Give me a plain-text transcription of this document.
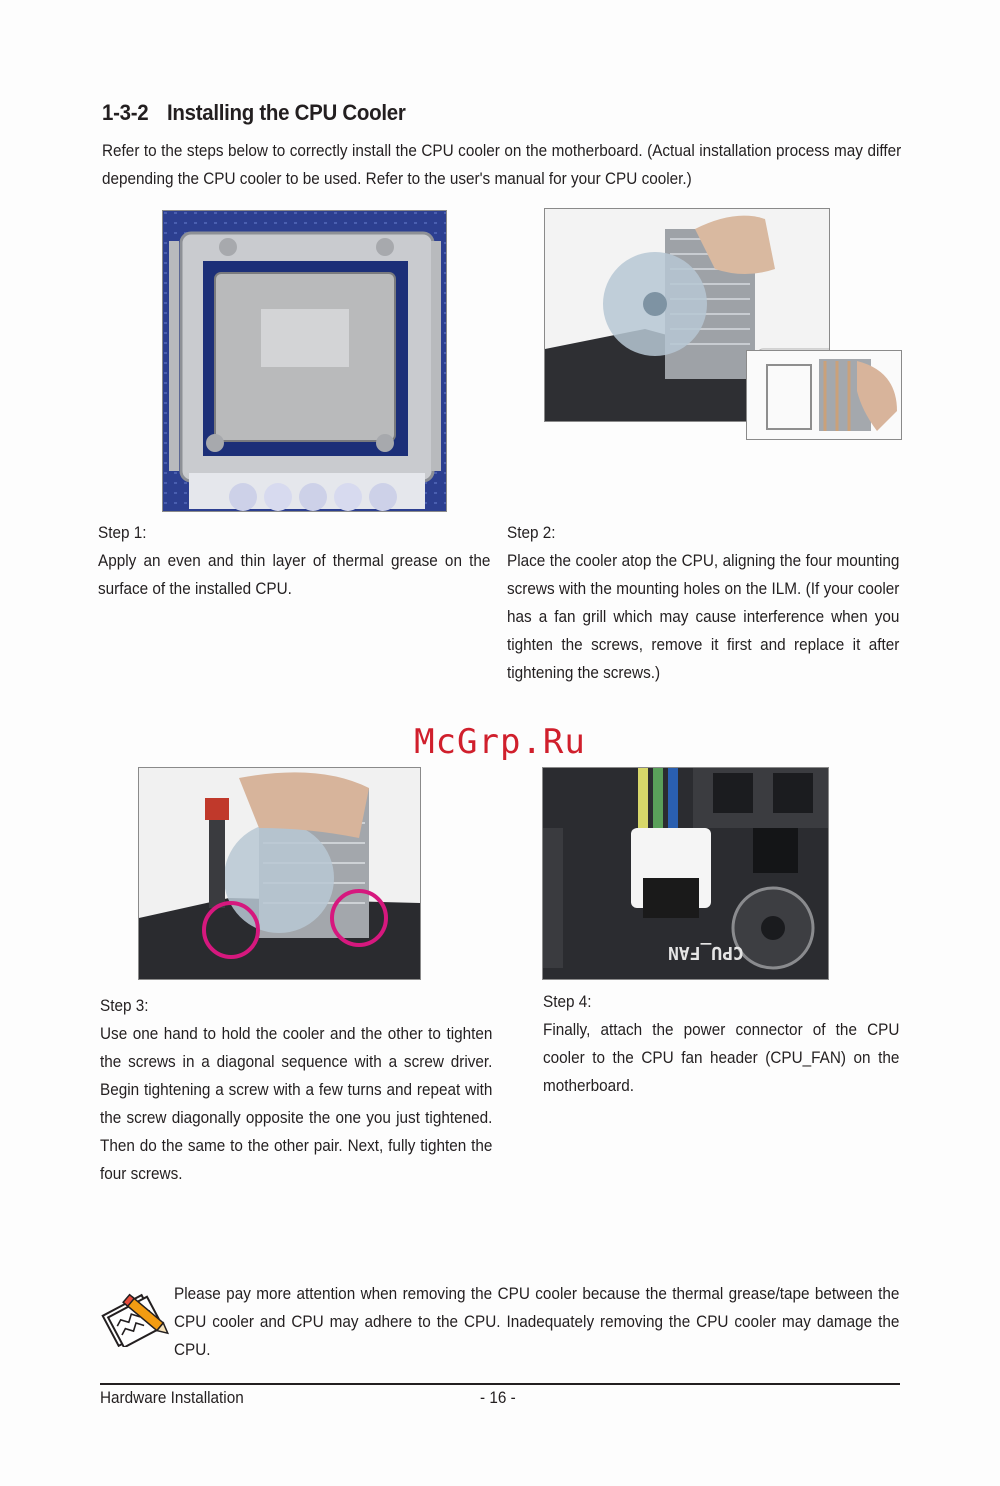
1-3-2 Installing the CPU Cooler
Refer to the steps below to correctly install the CPU cooler on the motherboard. (Actual installation process may differ depending the CPU cooler to be used. Refer to the user's manual for your CPU cooler.)
Step 1:
Apply an even and thin layer of thermal grease on the surface of the installed CPU.
Step 2:
Place the cooler atop the CPU, aligning the four mounting screws with the mounting holes on the ILM. (If your cooler has a fan grill which may cause interference when you tighten the screws, remove it first and replace it after tightening the screws.)
McGrp.Ru
CPU_FAN
Step 3:
Use one hand to hold the cooler and the other to tighten the screws in a diagonal sequence with a screw driver. Begin tightening a screw with a few turns and repeat with the screw diagonally opposite the one you just tightened. Then do the same to the other pair. Next, fully tighten the four screws.
Step 4:
Finally, attach the power connector of the CPU cooler to the CPU fan header (CPU_FAN) on the motherboard.
Please pay more attention when removing the CPU cooler because the thermal grease/tape between the CPU cooler and CPU may adhere to the CPU. Inadequately removing the CPU cooler may damage the CPU.
Hardware Installation	- 16 -
